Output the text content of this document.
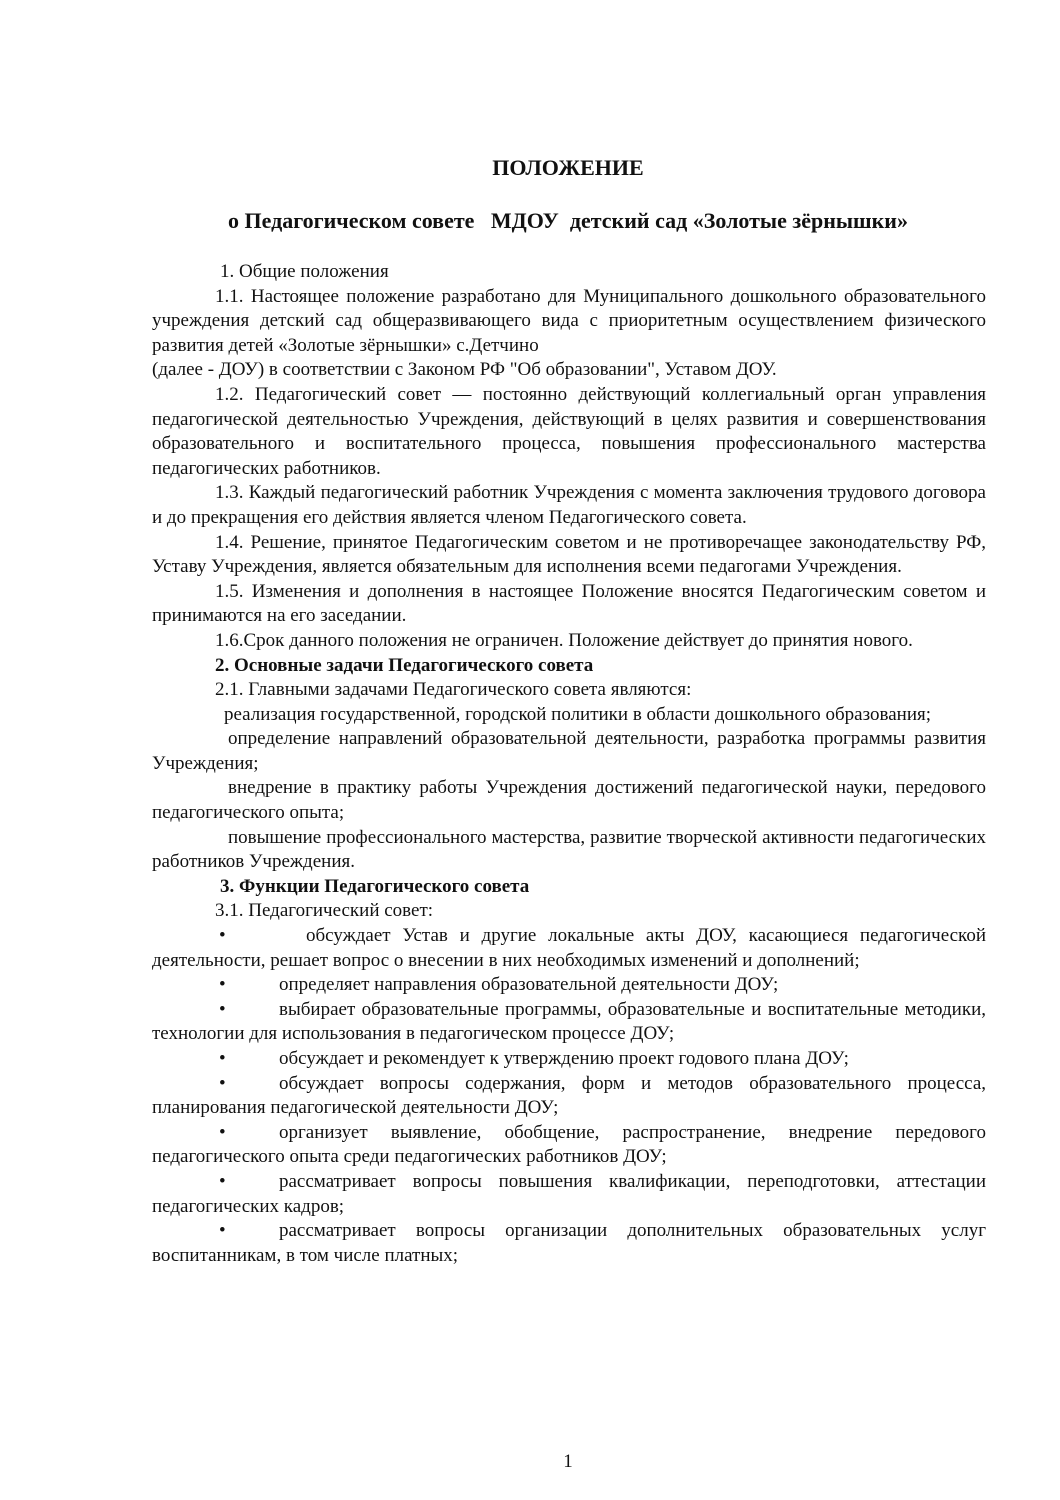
ПОЛОЖЕНИЕ
о Педагогическом совете   МДОУ  детский сад «Золотые зёрнышки»

1. Общие положения

1.1. Настоящее положение разработано для Муниципального дошкольного образовательного учреждения детский сад общеразвивающего вида с приоритетным осуществлением физического развития детей «Золотые зёрнышки» с.Детчино

(далее - ДОУ) в соответствии с Законом РФ "Об образовании", Уставом ДОУ.

1.2. Педагогический совет — постоянно действующий коллегиальный орган управления педагогической деятельностью Учреждения, действующий в целях развития и совершенствования образовательного и воспитательного процесса, повышения профессионального мастерства педагогических работников.

1.3. Каждый педагогический работник Учреждения с момента заключения трудового договора и до прекращения его действия является членом Педагогического совета.

1.4. Решение, принятое Педагогическим советом и не противоречащее законодательству РФ, Уставу Учреждения, является обязательным для исполнения всеми педагогами Учреждения.

1.5. Изменения и дополнения в настоящее Положение вносятся Педагогическим советом и принимаются на его заседании.

1.6.Срок данного положения не ограничен. Положение действует до принятия нового.

2. Основные задачи Педагогического совета

2.1. Главными задачами Педагогического совета являются:

реализация государственной, городской политики в области дошкольного образования;

определение направлений образовательной деятельности, разработка программы развития Учреждения;

внедрение в практику работы Учреждения достижений педагогической науки, передового педагогического опыта;

повышение профессионального мастерства, развитие творческой активности педагогических работников Учреждения.

3. Функции Педагогического совета

3.1. Педагогический совет:

•	обсуждает Устав и другие локальные акты ДОУ, касающиеся педагогической деятельности, решает вопрос о внесении в них необходимых изменений и дополнений;

•	определяет направления образовательной деятельности ДОУ;

•	выбирает образовательные программы, образовательные и воспитательные методики, технологии для использования в педагогическом процессе ДОУ;

•	обсуждает и рекомендует к утверждению проект годового плана ДОУ;

•	обсуждает вопросы содержания, форм и методов образовательного процесса, планирования педагогической деятельности ДОУ;

•	организует выявление, обобщение, распространение, внедрение передового педагогического опыта среди педагогических работников ДОУ;

•	рассматривает вопросы повышения квалификации, переподготовки, аттестации педагогических кадров;

•	рассматривает вопросы организации дополнительных образовательных услуг воспитанникам, в том числе платных;

1
